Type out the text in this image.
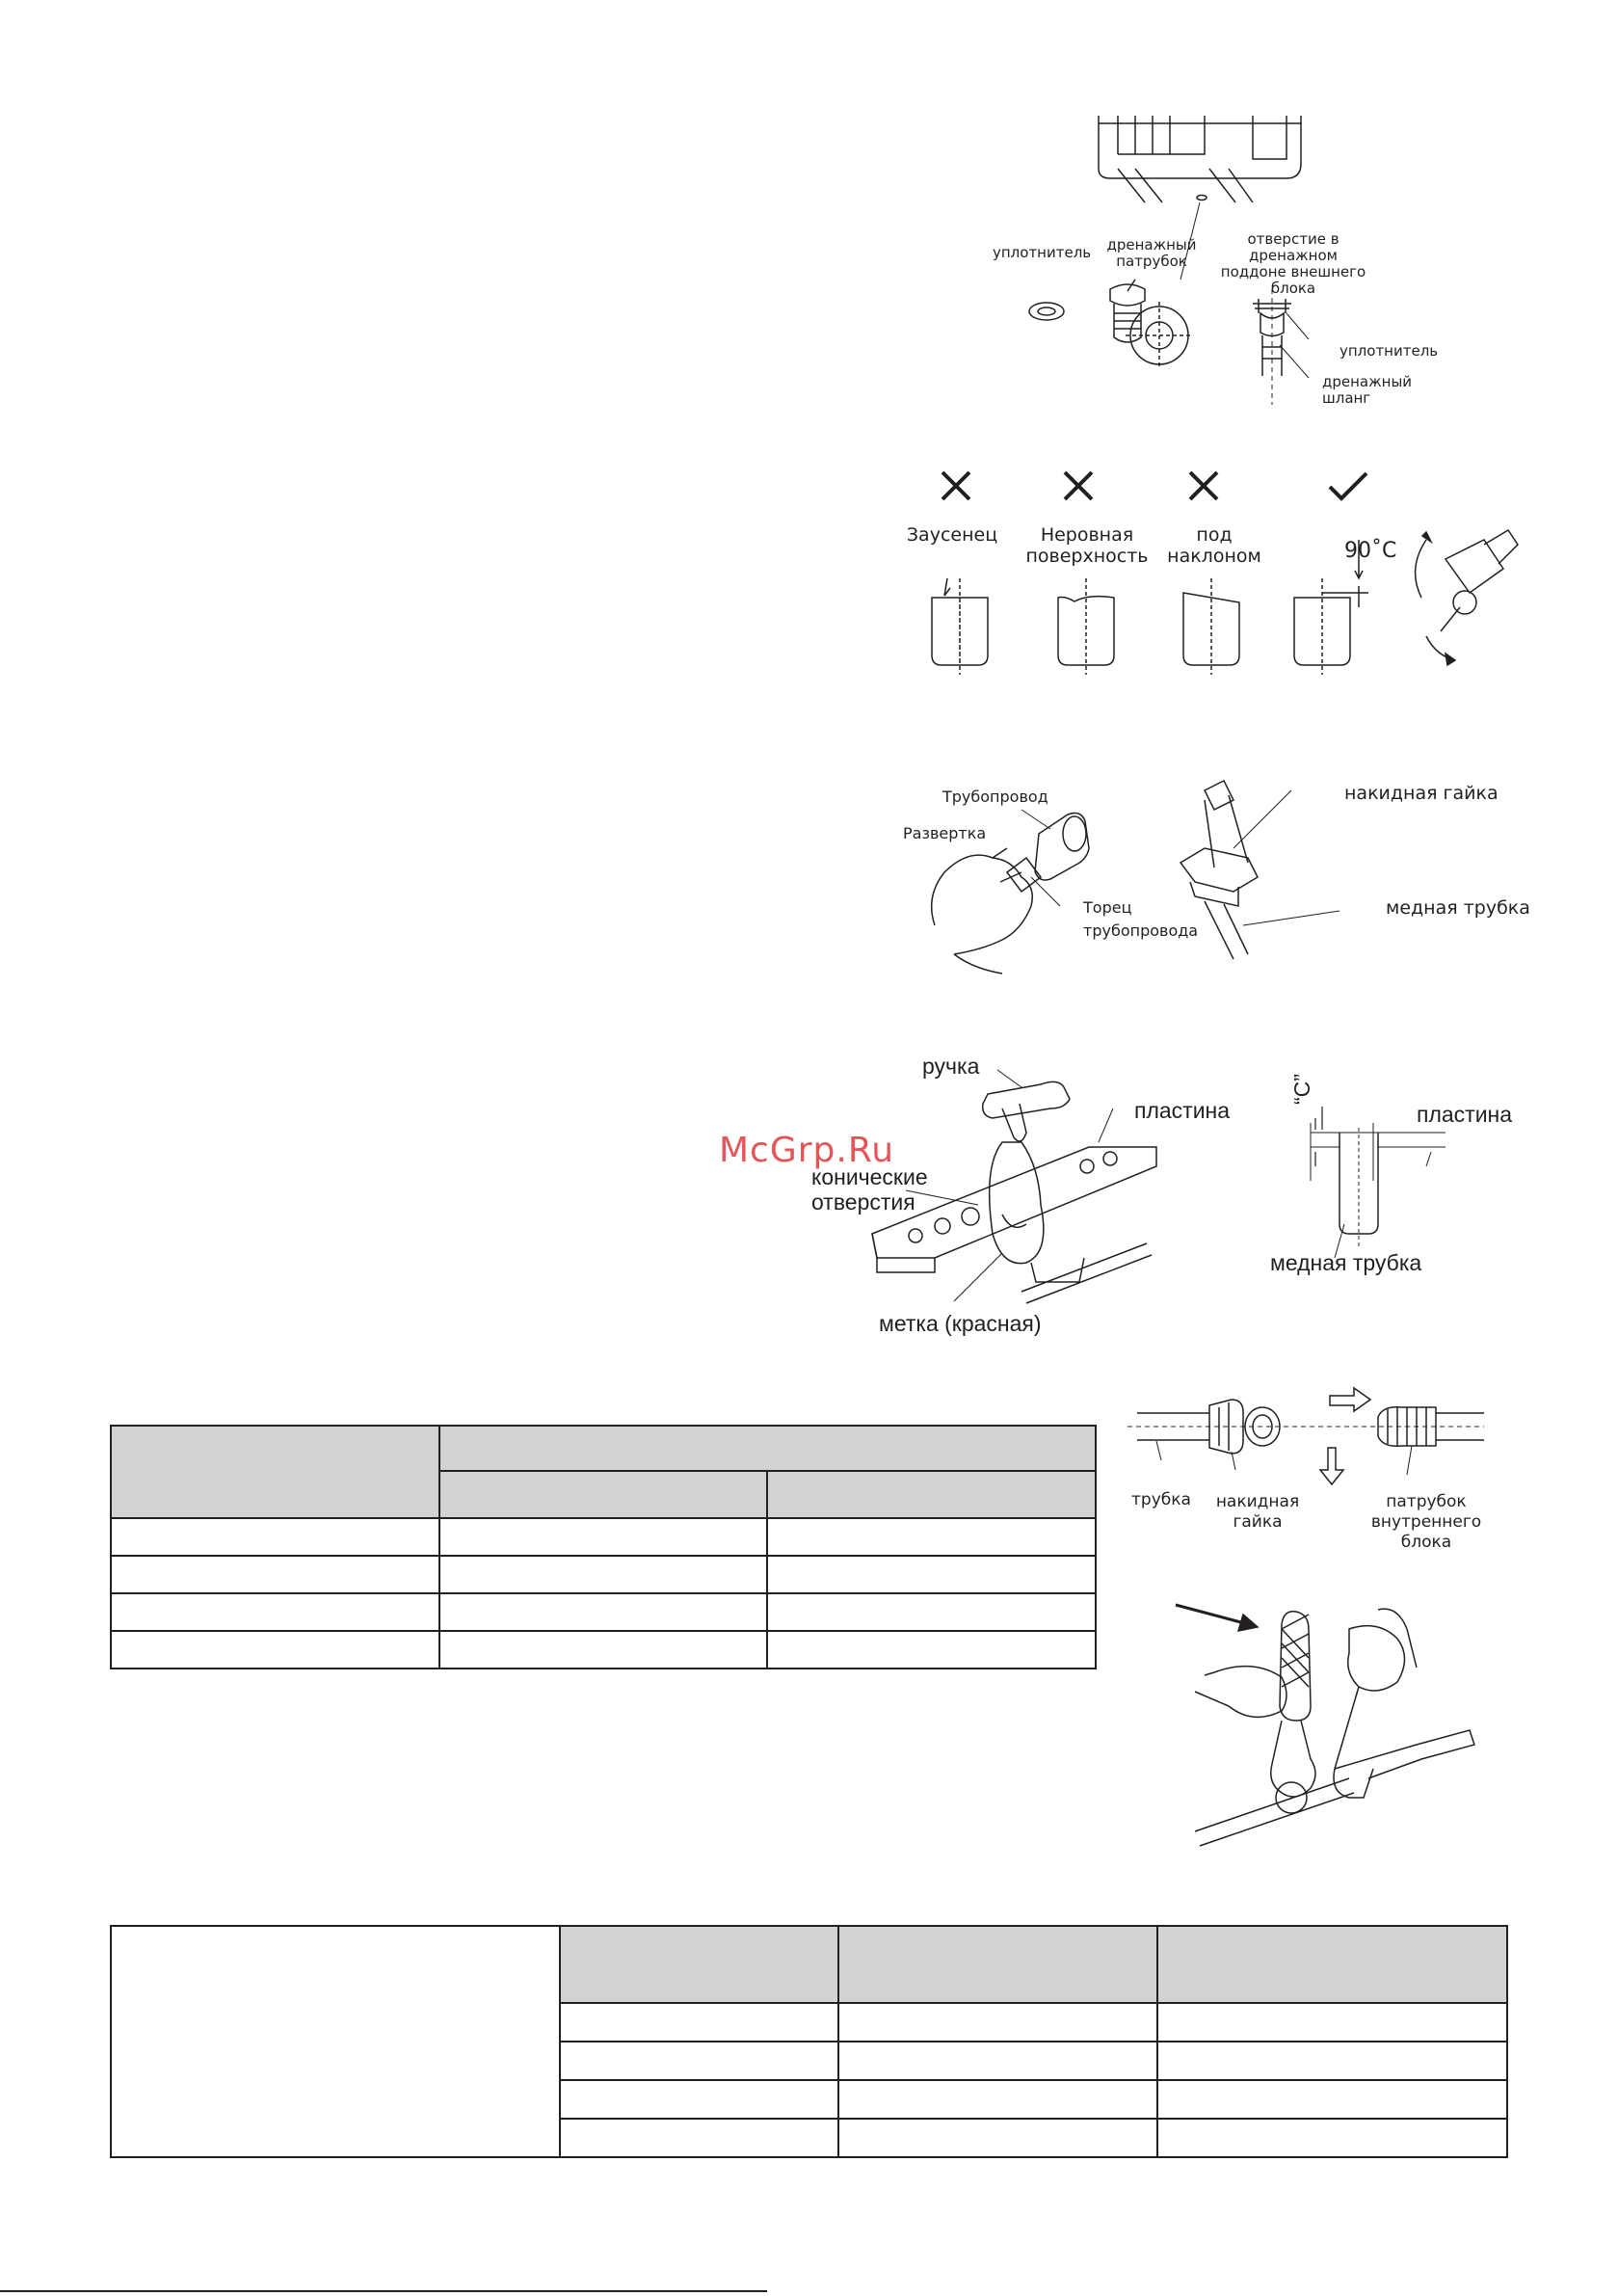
уплотнитель	дренажный патрубок
отверстие в дренажном поддоне внешнего блока
уплотнитель
дренажный шланг
Заусенец	Неровная поверхность
под наклоном	90˚C
Трубопровод
Развертка
Торец трубопровода
накидная гайка
медная трубка
ручка
пластина
конические отверстия
метка (красная)
“C”
пластина
медная трубка
McGrp.Ru
трубка накидная гайка
патрубок внутреннего блока
